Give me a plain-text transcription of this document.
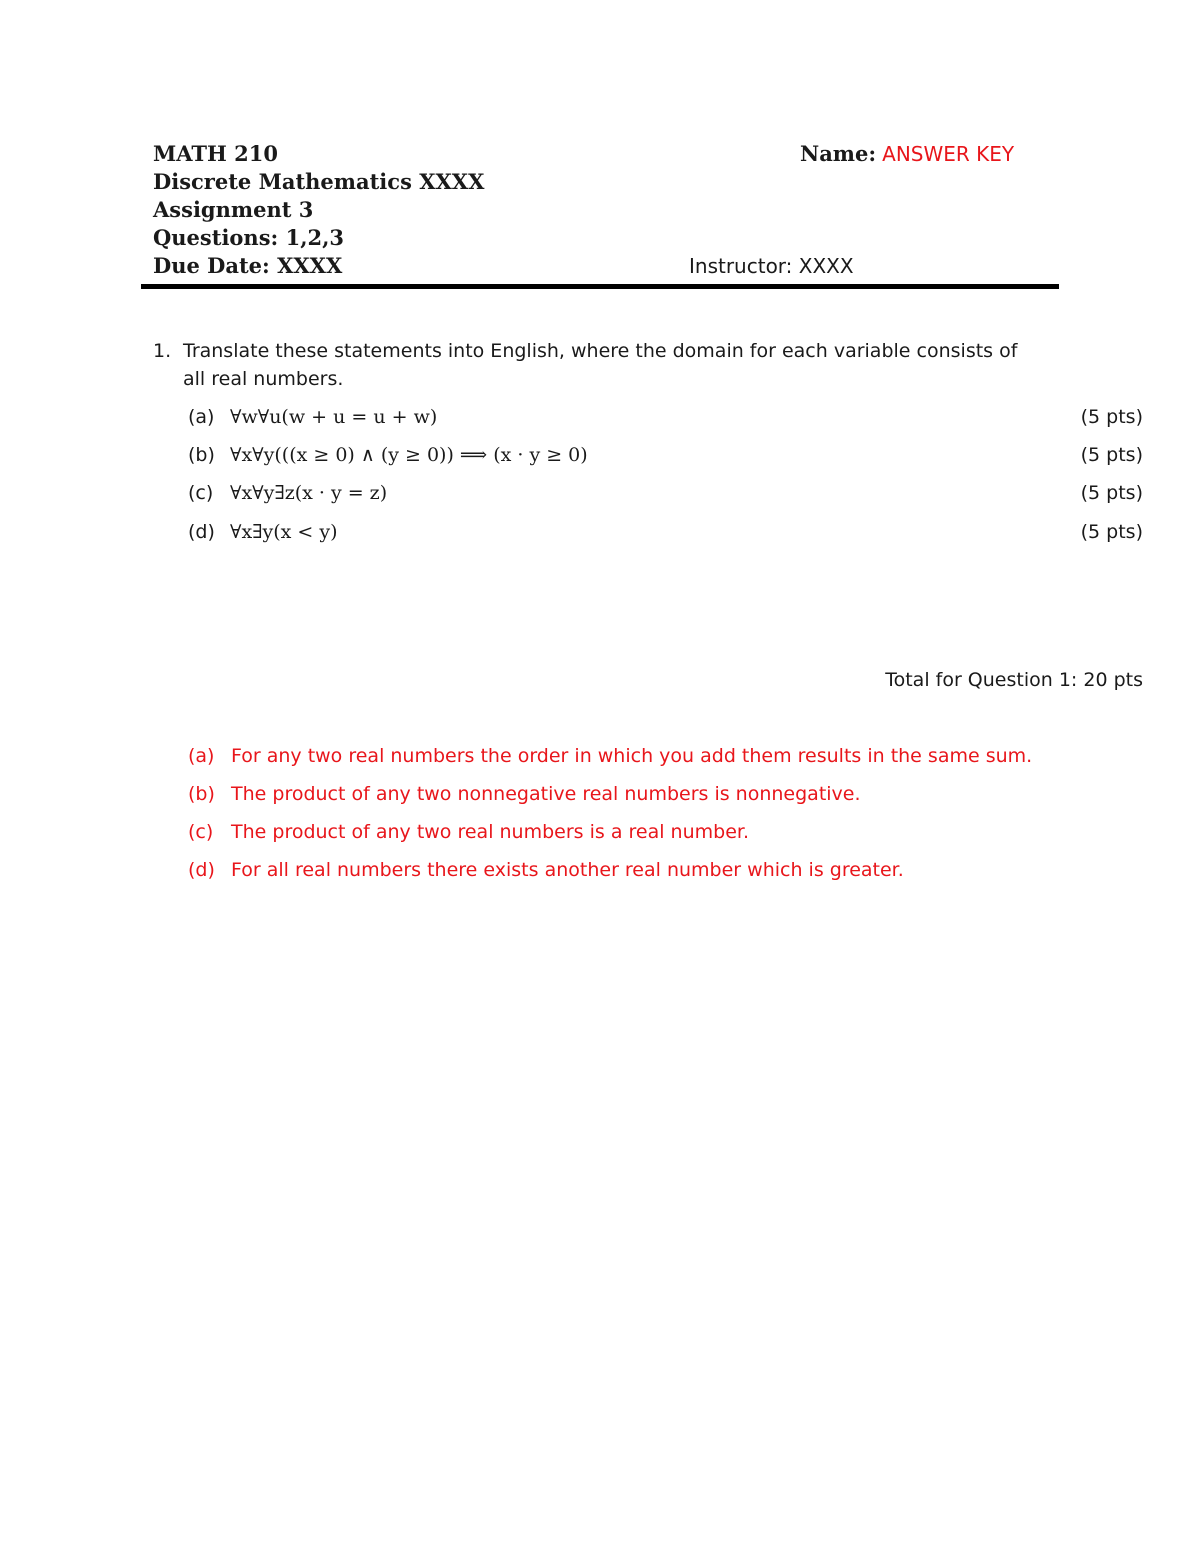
MATH 210
Discrete Mathematics XXXX
Assignment 3
Questions: 1,2,3
Due Date: XXXX
Name: ANSWER KEY
Instructor: XXXX
1. Translate these statements into English, where the domain for each variable consists of
all real numbers.
(a) ∀w∀u(w + u = u + w)	(5 pts)
(b) ∀x∀y(((x ≥ 0) ∧ (y ≥ 0)) ⟹ (x · y ≥ 0)	(5 pts)
(c) ∀x∀y∃z(x · y = z)	(5 pts)
(d) ∀x∃y(x < y)	(5 pts)
Total for Question 1: 20 pts
(a) For any two real numbers the order in which you add them results in the same sum.
(b) The product of any two nonnegative real numbers is nonnegative.
(c) The product of any two real numbers is a real number.
(d) For all real numbers there exists another real number which is greater.
